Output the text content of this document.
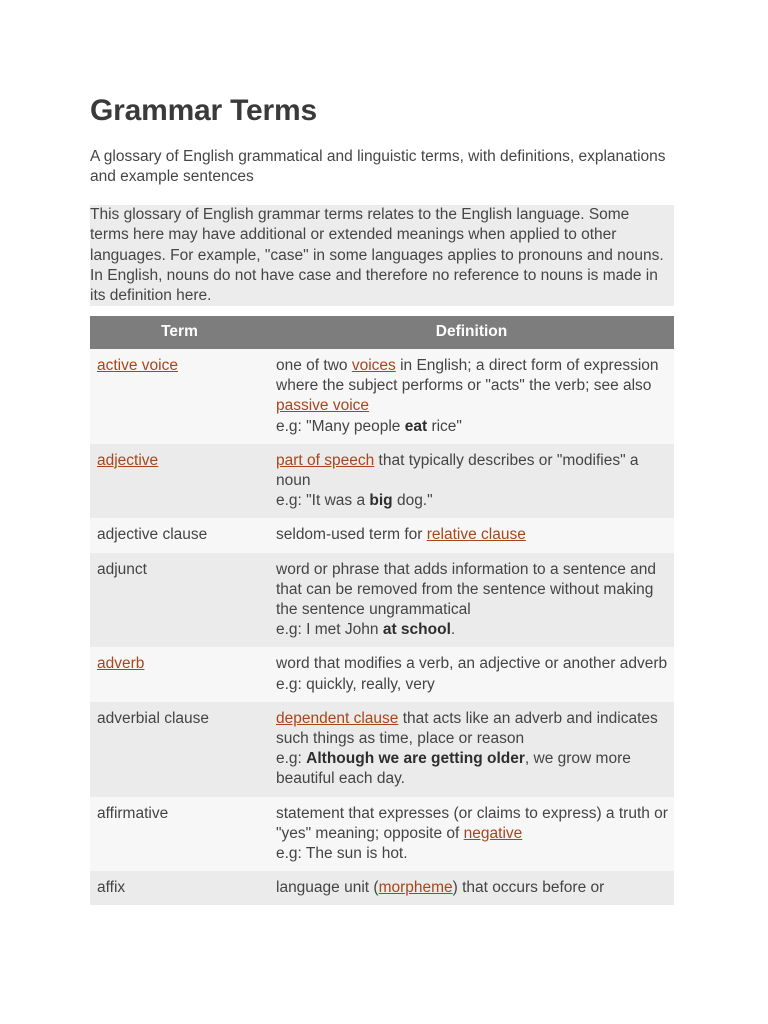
Grammar Terms
A glossary of English grammatical and linguistic terms, with definitions, explanations and example sentences
This glossary of English grammar terms relates to the English language. Some terms here may have additional or extended meanings when applied to other languages. For example, "case" in some languages applies to pronouns and nouns. In English, nouns do not have case and therefore no reference to nouns is made in its definition here.
Term	Definition
active voice	one of two voices in English; a direct form of expression where the subject performs or "acts" the verb; see also passive voice
e.g: "Many people eat rice"

adjective	part of speech that typically describes or "modifies" a noun
e.g: "It was a big dog."

adjective clause	seldom-used term for relative clause

adjunct	word or phrase that adds information to a sentence and that can be removed from the sentence without making the sentence ungrammatical
e.g: I met John at school.

adverb	word that modifies a verb, an adjective or another adverb
e.g: quickly, really, very

adverbial clause	dependent clause that acts like an adverb and indicates such things as time, place or reason
e.g: Although we are getting older, we grow more beautiful each day.

affirmative	statement that expresses (or claims to express) a truth or "yes" meaning; opposite of negative
e.g: The sun is hot.

affix	language unit (morpheme) that occurs before or
